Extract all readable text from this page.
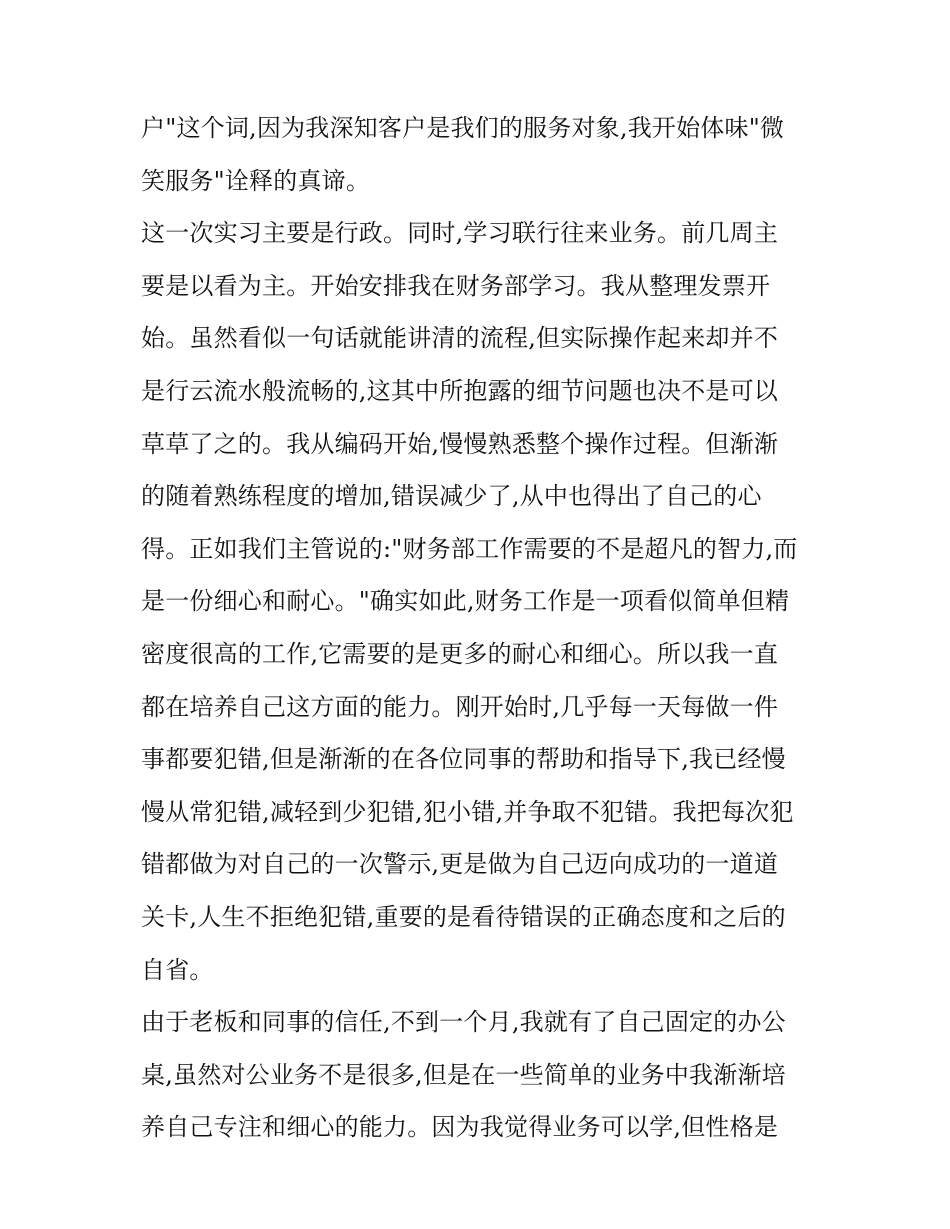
户"这个词,因为我深知客户是我们的服务对象,我开始体味"微
笑服务"诠释的真谛。
这一次实习主要是行政。同时,学习联行往来业务。前几周主
要是以看为主。开始安排我在财务部学习。我从整理发票开
始。虽然看似一句话就能讲清的流程,但实际操作起来却并不
是行云流水般流畅的,这其中所抱露的细节问题也决不是可以
草草了之的。我从编码开始,慢慢熟悉整个操作过程。但渐渐
的随着熟练程度的增加,错误减少了,从中也得出了自己的心
得。正如我们主管说的:"财务部工作需要的不是超凡的智力,而
是一份细心和耐心。"确实如此,财务工作是一项看似简单但精
密度很高的工作,它需要的是更多的耐心和细心。所以我一直
都在培养自己这方面的能力。刚开始时,几乎每一天每做一件
事都要犯错,但是渐渐的在各位同事的帮助和指导下,我已经慢
慢从常犯错,减轻到少犯错,犯小错,并争取不犯错。我把每次犯
错都做为对自己的一次警示,更是做为自己迈向成功的一道道
关卡,人生不拒绝犯错,重要的是看待错误的正确态度和之后的
自省。
由于老板和同事的信任,不到一个月,我就有了自己固定的办公
桌,虽然对公业务不是很多,但是在一些简单的业务中我渐渐培
养自己专注和细心的能力。因为我觉得业务可以学,但性格是
